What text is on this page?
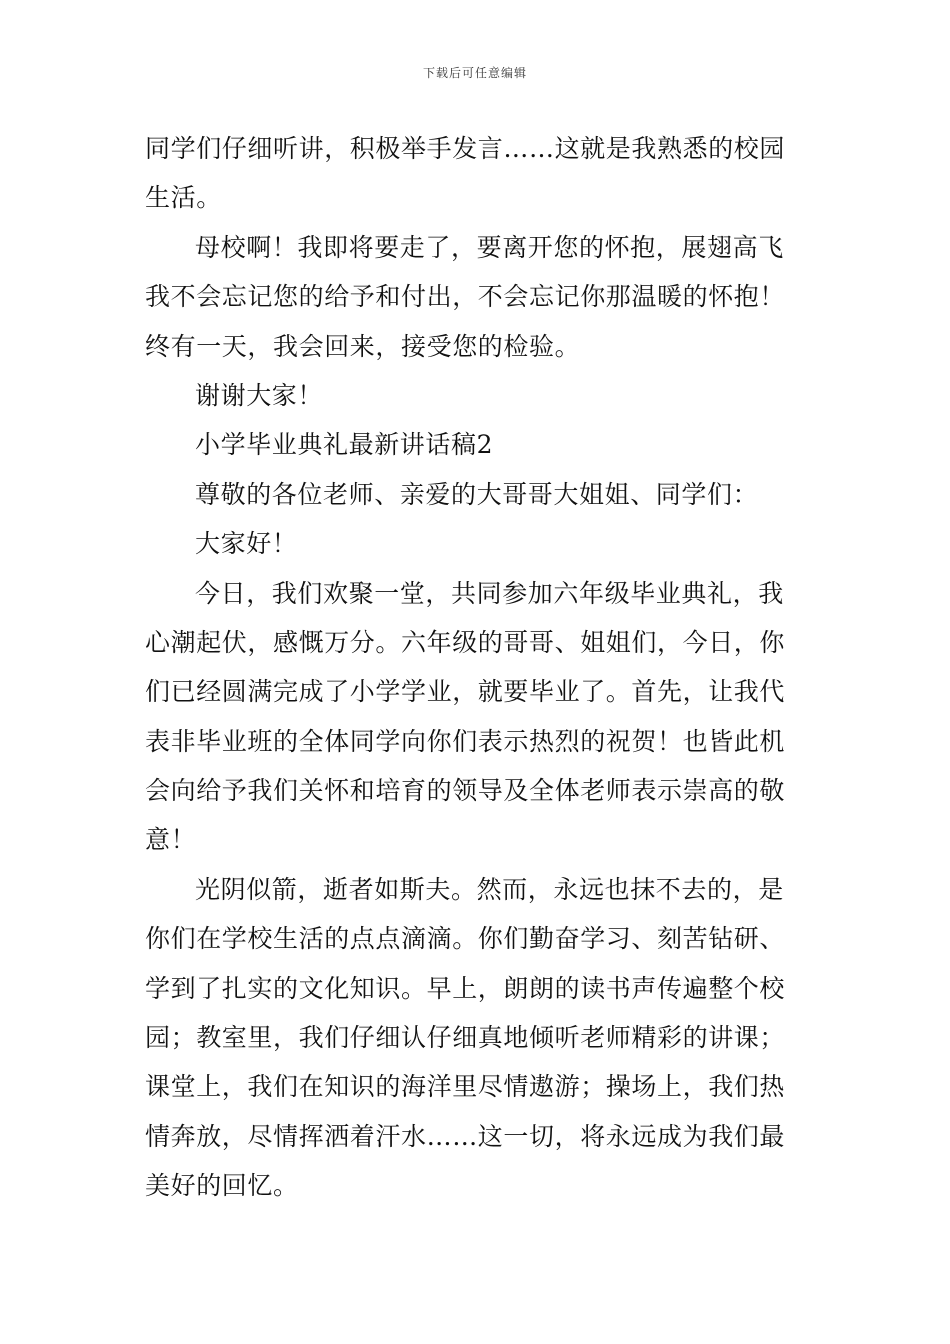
下载后可任意编辑
同学们仔细听讲，积极举手发言……这就是我熟悉的校园
生活。
母校啊！我即将要走了，要离开您的怀抱，展翅高飞
我不会忘记您的给予和付出，不会忘记你那温暖的怀抱！
终有一天，我会回来，接受您的检验。
谢谢大家！
小学毕业典礼最新讲话稿2
尊敬的各位老师、亲爱的大哥哥大姐姐、同学们：
大家好！
今日，我们欢聚一堂，共同参加六年级毕业典礼，我
心潮起伏，感慨万分。六年级的哥哥、姐姐们，今日，你
们已经圆满完成了小学学业，就要毕业了。首先，让我代
表非毕业班的全体同学向你们表示热烈的祝贺！也皆此机
会向给予我们关怀和培育的领导及全体老师表示崇高的敬
意！
光阴似箭，逝者如斯夫。然而，永远也抹不去的，是
你们在学校生活的点点滴滴。你们勤奋学习、刻苦钻研、
学到了扎实的文化知识。早上，朗朗的读书声传遍整个校
园；教室里，我们仔细认仔细真地倾听老师精彩的讲课；
课堂上，我们在知识的海洋里尽情遨游；操场上，我们热
情奔放，尽情挥洒着汗水……这一切，将永远成为我们最
美好的回忆。
